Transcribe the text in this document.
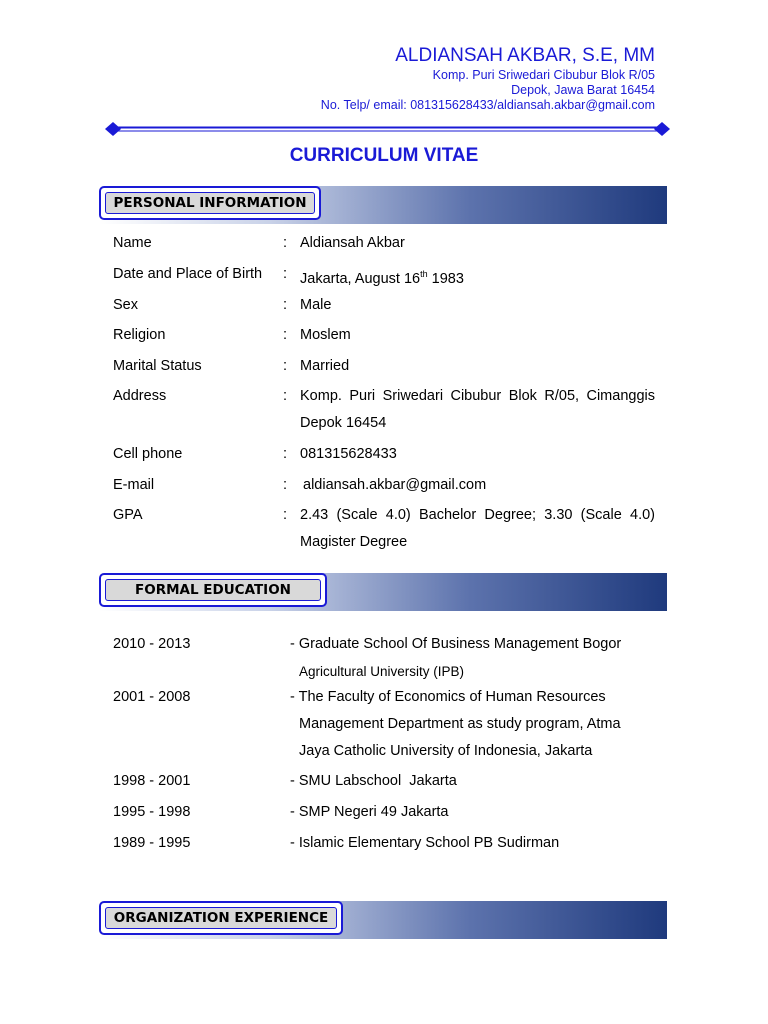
ALDIANSAH AKBAR, S.E, MM
Komp. Puri Sriwedari Cibubur Blok R/05
Depok, Jawa Barat 16454
No. Telp/ email: 081315628433/aldiansah.akbar@gmail.com
CURRICULUM VITAE
PERSONAL INFORMATION
Name	: Aldiansah Akbar
Date and Place of Birth : Jakarta, August 16th 1983
Sex	: Male
Religion	: Moslem
Marital Status	: Married
Address	: Komp. Puri Sriwedari Cibubur Blok R/05, Cimanggis Depok 16454
Cell phone	: 081315628433
E-mail	: aldiansah.akbar@gmail.com
GPA	: 2.43 (Scale 4.0) Bachelor Degree; 3.30 (Scale 4.0) Magister Degree
FORMAL EDUCATION
2010 - 2013	- Graduate School Of Business Management Bogor
Agricultural University (IPB)
2001 - 2008	- The Faculty of Economics of Human Resources
Management Department as study program, Atma
Jaya Catholic University of Indonesia, Jakarta
1998 - 2001	- SMU Labschool  Jakarta
1995 - 1998	- SMP Negeri 49 Jakarta
1989 - 1995	- Islamic Elementary School PB Sudirman
ORGANIZATION EXPERIENCE
